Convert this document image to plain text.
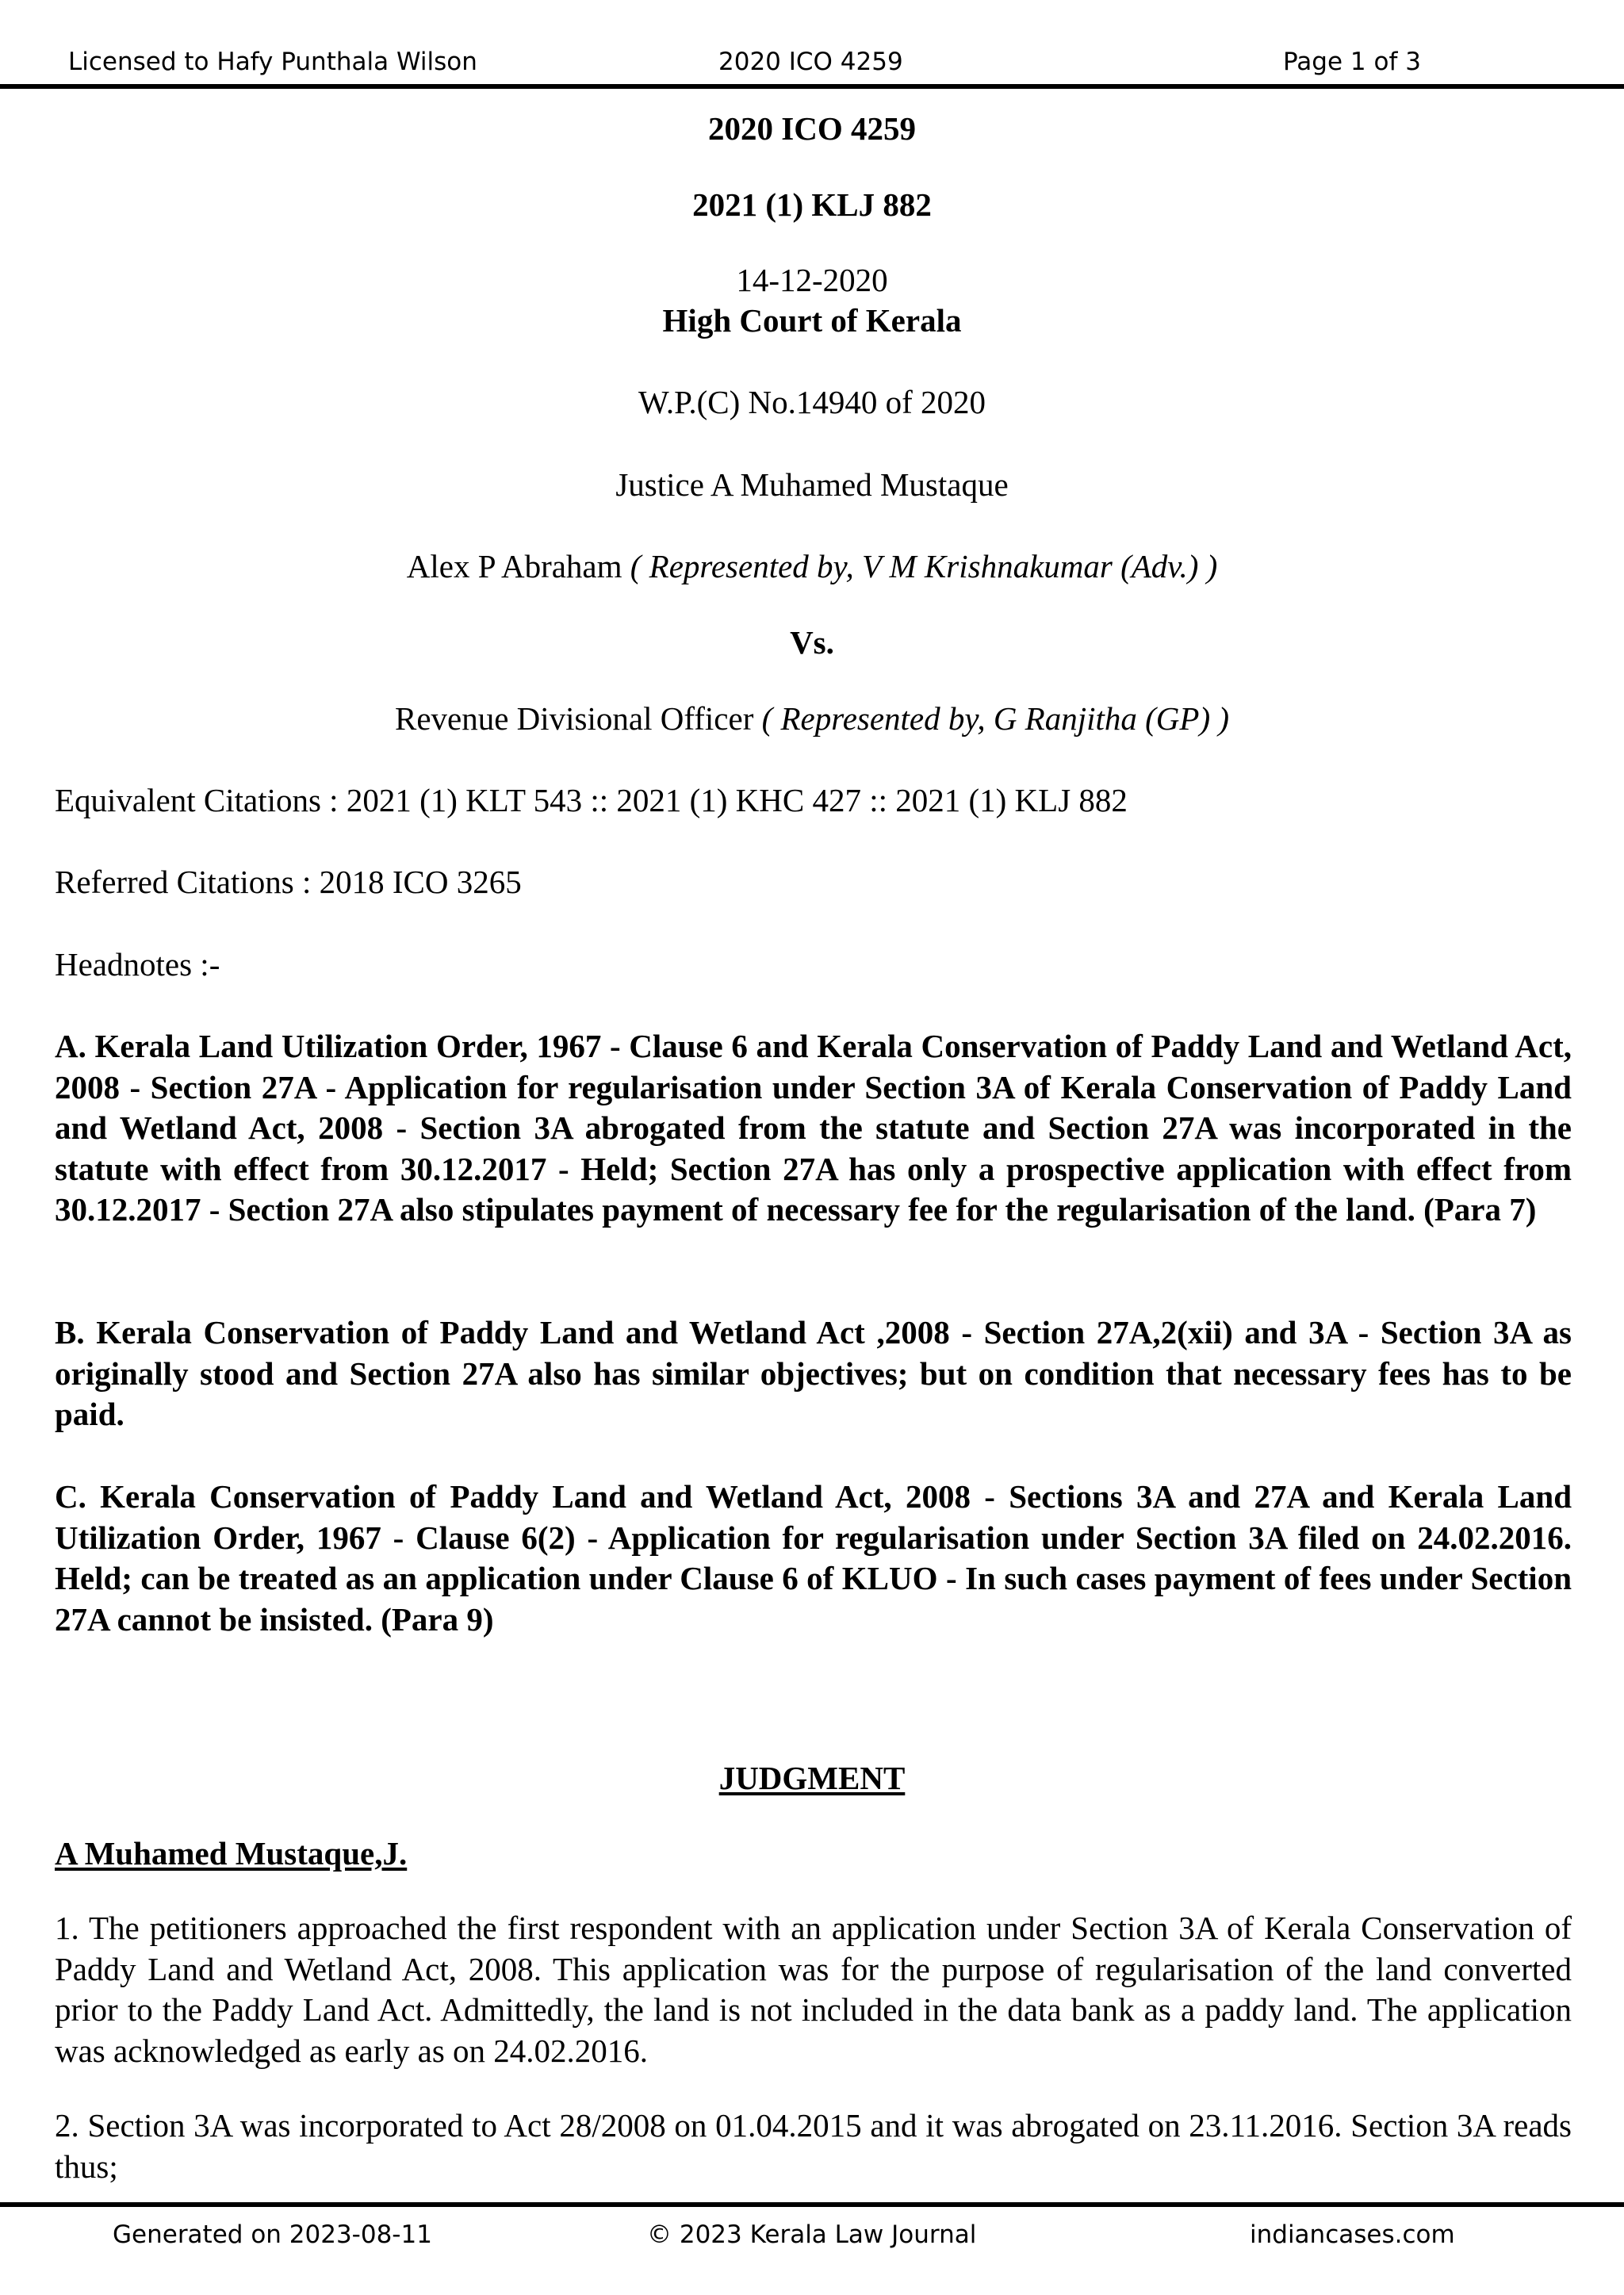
Licensed to Hafy Punthala Wilson	2020 ICO 4259	Page 1 of 3
2020 ICO 4259
2021 (1) KLJ 882
14-12-2020
High Court of Kerala
W.P.(C) No.14940 of 2020
Justice A Muhamed Mustaque
Alex P Abraham ( Represented by, V M Krishnakumar (Adv.) )
Vs.
Revenue Divisional Officer ( Represented by, G Ranjitha (GP) )
Equivalent Citations : 2021 (1) KLT 543 :: 2021 (1) KHC 427 :: 2021 (1) KLJ 882
Referred Citations : 2018 ICO 3265
Headnotes :-

A. Kerala Land Utilization Order, 1967 - Clause 6 and Kerala Conservation of Paddy Land and Wetland Act, 2008 - Section 27A - Application for regularisation under Section 3A of Kerala Conservation of Paddy Land and Wetland Act, 2008 - Section 3A abrogated from the statute and Section 27A was incorporated in the statute with effect from 30.12.2017 - Held; Section 27A has only a prospective application with effect from 30.12.2017 - Section 27A also stipulates payment of necessary fee for the regularisation of the land. (Para 7)

B. Kerala Conservation of Paddy Land and Wetland Act ,2008 - Section 27A,2(xii) and 3A - Section 3A as originally stood and Section 27A also has similar objectives; but on condition that necessary fees has to be paid.

C. Kerala Conservation of Paddy Land and Wetland Act, 2008 - Sections 3A and 27A and Kerala Land Utilization Order, 1967 - Clause 6(2) - Application for regularisation under Section 3A filed on 24.02.2016. Held; can be treated as an application under Clause 6 of KLUO - In such cases payment of fees under Section 27A cannot be insisted. (Para 9)

JUDGMENT
A Muhamed Mustaque,J.

1. The petitioners approached the first respondent with an application under Section 3A of Kerala Conservation of Paddy Land and Wetland Act, 2008. This application was for the purpose of regularisation of the land converted prior to the Paddy Land Act. Admittedly, the land is not included in the data bank as a paddy land. The application was acknowledged as early as on 24.02.2016.

2. Section 3A was incorporated to Act 28/2008 on 01.04.2015 and it was abrogated on 23.11.2016. Section 3A reads thus;

Generated on 2023-08-11	© 2023 Kerala Law Journal	indiancases.com
